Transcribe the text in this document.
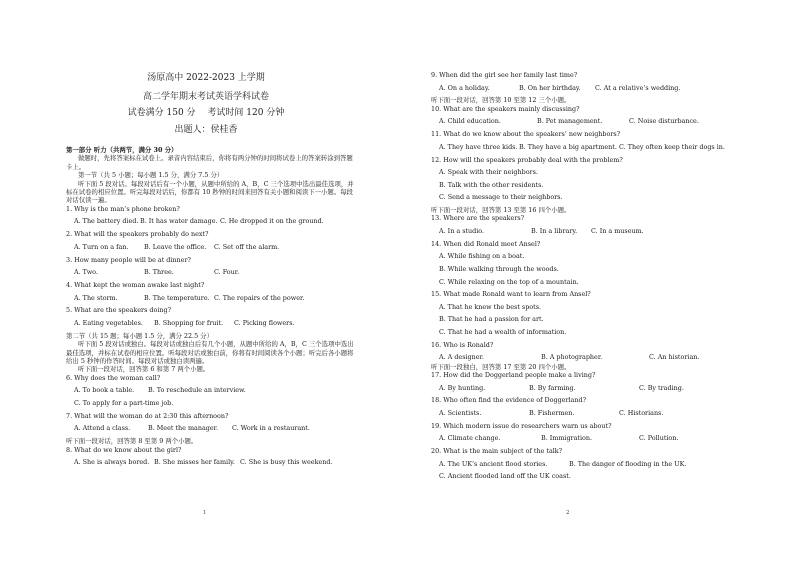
汤原高中 2022-2023 上学期
高二学年期末考试英语学科试卷
试卷满分 150 分　 考试时间 120 分钟
出题人：侯桂香

第一部分 听力（共两节，满分 30 分）

做题时，先将答案标在试卷上。录音内容结束后，你将有两分钟的时间将试卷上的答案转涂到答题卡上。

第一节（共 5 小题；每小题 1.5 分，满分 7.5 分）

听下面 5 段对话。每段对话后有一个小题，从题中所给的 A，B，C 三个选项中选出最佳选项，并标在试卷的相应位置。听完每段对话后，你都有 10 秒钟的时间来回答有关小题和阅读下一小题。每段对话仅读一遍。

1. Why is the man’s phone broken?

A. The battery died. B. It has water damage. C. He dropped it on the ground.

2. What will the speakers probably do next?

A. Turn on a fan.	B. Leave the office.	C. Set off the alarm.

3. How many people will be at dinner?

A. Two.	B. Three.	C. Four.

4. What kept the woman awake last night?

A. The storm.	B. The temperature. C. The repairs of the power.

5. What are the speakers doing?

A. Eating vegetables.	B. Shopping for fruit.	C. Picking flowers.

第二节（共 15 题；每小题 1.5 分，满分 22.5 分）

听下面 5 段对话或独白。每段对话或独白后有几个小题，从题中所给的 A，B，C 三个选项中选出最佳选项，并标在试卷的相应位置。听每段对话或独白前，你将有时间阅读各个小题；听完后各小题将给出 5 秒钟的作答时间。每段对话或独白读两遍。

听下面一段对话，回答第 6 和第 7 两个小题。

6. Why does the woman call?

A. To book a table.	B. To reschedule an interview.
C. To apply for a part-time job.

7. What will the woman do at 2:30 this afternoon?

A. Attend a class.	B. Meet the manager.	C. Work in a restaurant.

听下面一段对话，回答第 8 至第 9 两个小题。

8. What do we know about the girl?

A. She is always bored. B. She misses her family. C. She is busy this weekend.
1

9. When did the girl see her family last time?

A. On a holiday.	B. On her birthday.	C. At a relative’s wedding.

听下面一段对话，回答第 10 至第 12 三个小题。

10. What are the speakers mainly discussing?

A. Child education.	B. Pet management.	C. Noise disturbance.

11. What do we know about the speakers’ new neighbors?

A. They have three kids. B. They have a big apartment. C. They often keep their dogs in.

12. How will the speakers probably deal with the problem?

A. Speak with their neighbors.
B. Talk with the other residents.
C. Send a message to their neighbors.

听下面一段对话，回答第 13 至第 16 四个小题。

13. Where are the speakers?

A. In a studio.	B. In a library.	C. In a museum.

14. When did Ronald meet Ansel?

A. While fishing on a boat.
B. While walking through the woods.
C. While relaxing on the top of a mountain.

15. What made Ronald want to learn from Ansel?

A. That he knew the best spots.
B. That he had a passion for art.
C. That he had a wealth of information.

16. Who is Ronald?

A. A designer.	B. A photographer.	C. An historian.

听下面一段独白，回答第 17 至第 20 四个小题。

17. How did the Doggerland people make a living?

A. By hunting.	B. By farming.	C. By trading.

18. Who often find the evidence of Doggerland?

A. Scientists.	B. Fishermen.	C. Historians.

19. Which modern issue do researchers warn us about?

A. Climate change.	B. Immigration.	C. Pollution.

20. What is the main subject of the talk?

A. The UK’s ancient flood stories.	B. The danger of flooding in the UK.
C. Ancient flooded land off the UK coast.
2
